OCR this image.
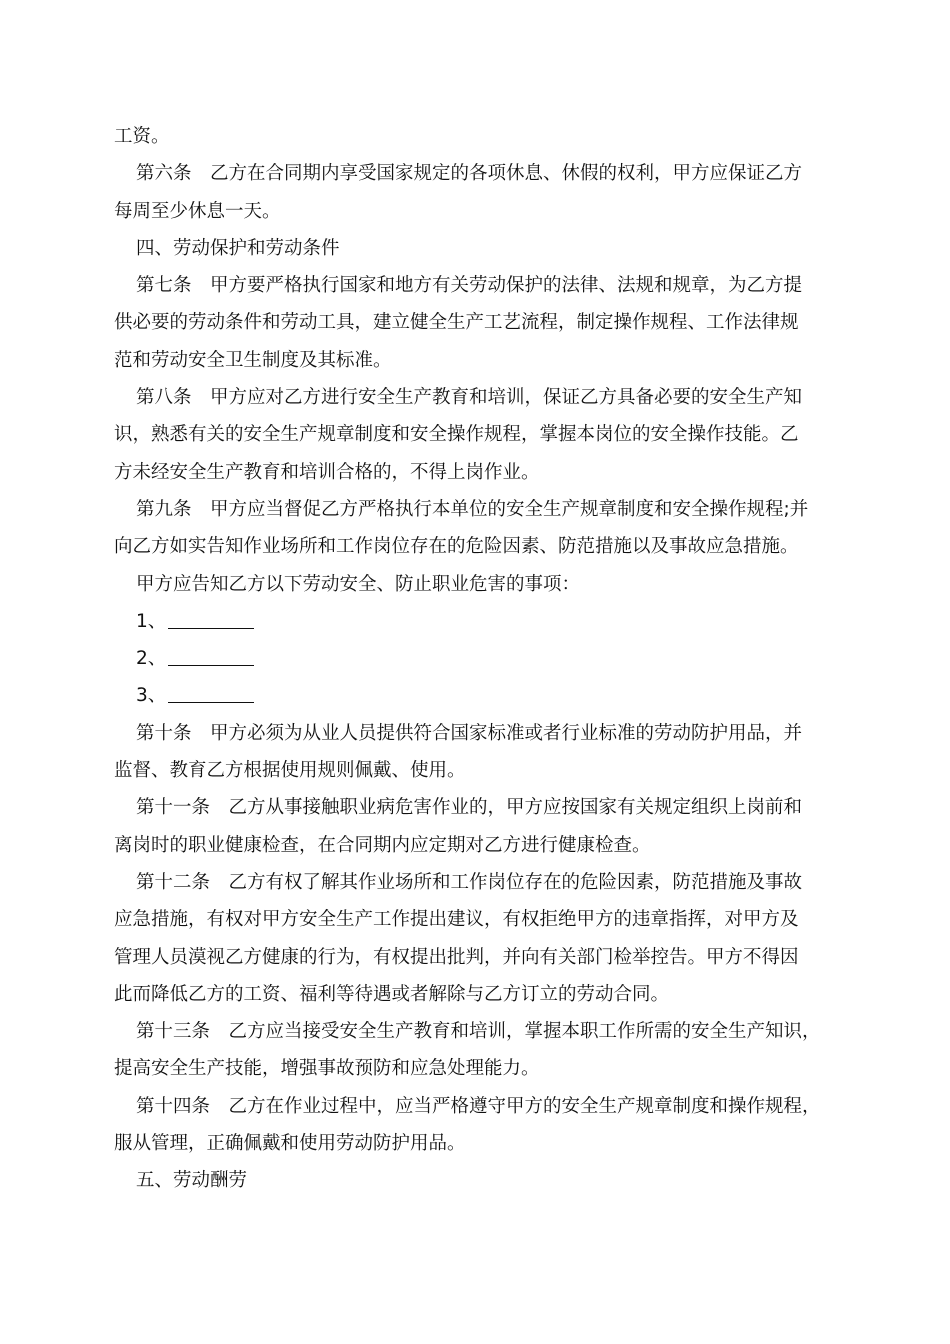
工资。
第六条　乙方在合同期内享受国家规定的各项休息、休假的权利，甲方应保证乙方
每周至少休息一天。
四、劳动保护和劳动条件
第七条　甲方要严格执行国家和地方有关劳动保护的法律、法规和规章，为乙方提
供必要的劳动条件和劳动工具，建立健全生产工艺流程，制定操作规程、工作法律规
范和劳动安全卫生制度及其标准。
第八条　甲方应对乙方进行安全生产教育和培训，保证乙方具备必要的安全生产知
识，熟悉有关的安全生产规章制度和安全操作规程，掌握本岗位的安全操作技能。乙
方未经安全生产教育和培训合格的，不得上岗作业。
第九条　甲方应当督促乙方严格执行本单位的安全生产规章制度和安全操作规程;并
向乙方如实告知作业场所和工作岗位存在的危险因素、防范措施以及事故应急措施。
甲方应告知乙方以下劳动安全、防止职业危害的事项：
1、
2、
3、
第十条　甲方必须为从业人员提供符合国家标准或者行业标准的劳动防护用品，并
监督、教育乙方根据使用规则佩戴、使用。
第十一条　乙方从事接触职业病危害作业的，甲方应按国家有关规定组织上岗前和
离岗时的职业健康检查，在合同期内应定期对乙方进行健康检查。
第十二条　乙方有权了解其作业场所和工作岗位存在的危险因素，防范措施及事故
应急措施，有权对甲方安全生产工作提出建议，有权拒绝甲方的违章指挥，对甲方及
管理人员漠视乙方健康的行为，有权提出批判，并向有关部门检举控告。甲方不得因
此而降低乙方的工资、福利等待遇或者解除与乙方订立的劳动合同。
第十三条　乙方应当接受安全生产教育和培训，掌握本职工作所需的安全生产知识，
提高安全生产技能，增强事故预防和应急处理能力。
第十四条　乙方在作业过程中，应当严格遵守甲方的安全生产规章制度和操作规程，
服从管理，正确佩戴和使用劳动防护用品。
五、劳动酬劳
